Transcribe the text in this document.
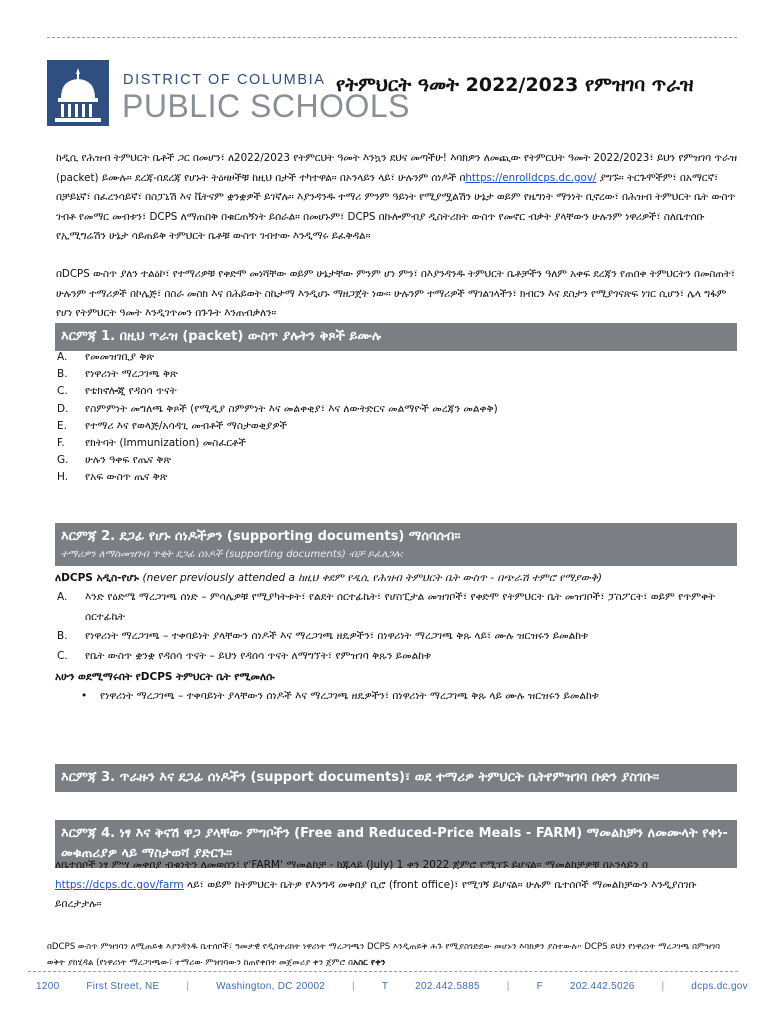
DISTRICT OF COLUMBIA
PUBLIC SCHOOLS
የትምህርት ዓመት 2022/2023 የምዝገባ ጥራዝ
ከዲሲ የሕዝብ ትምህርት ቤቶች ጋር በመሆን፣ ለ2022/2023 የትምርህት ዓመት እንኳን ደህና መጣችሁ! እባክዎን ለመጪው የትምርህት ዓመት 2022/2023፣ ይህን የምዝገባ ጥራዝ (packet) ይሙሉ። ደረጃ-በደረጃ የሆኑት ትዕዛዞችቹ ከዚህ በታች ተካተዋል። በኦንላይን ላይ፣ ሁሉንም ሰነዶች በhttps://enrolldcps.dc.gov/ ያግኙ። ትርጉሞችም፣ በአማርኛ፣ በቻይኒኛ፣ በፈረንሳይኛ፣ በስፓኒሽ እና ቬትናም ቋንቋዎች ይገኛሉ። እያንዳንዱ ተማሪ ምንም ዓይነት የሚያሟልሽን ሁኔታ ወይም የዜግነት ማንነት ቢኖረው፣ በሕዝብ ትምህርት ቤት ውስጥ ገብቶ የመማር መብቱን፣ DCPS ለማጠበቅ በቁርጠኝነት ይሰራል። በመሆኑም፣ DCPS በኩሎምብያ ዲስትሪክት ውስጥ የመኖር ብቃት ያላቸውን ሁሉንም ነዋሪዎች፣ ስለቤተሰቡ የኢሚግሬሽን ሁኔታ ሳይጠይቅ ትምህርት ቤቶቹ ውስጥ ገብተው እንዲማሩ ይፈቅዳል።
በDCPS ውስጥ ያለን ተልዕኮ፣ የተማሪዎቹ የቀድሞ መነሻቸው ወይም ሁኔታቸው ምንም ሆነ ምን፣ በእያንዳንዱ ትምህርት ቤቶቻችን ዓለም አቀፍ ደረጃን የጠበቀ ትምህርትን በመስጠት፣ ሁሉንም ተማሪዎች በኮሌጅ፣ በስራ መስክ እና በሕይወት ስኬታማ እንዲሆኑ ማዘጋጀት ነው። ሁሉንም ተማሪዎች ማገልገላችን፣ ክብርን እና ደስታን የሚያጎናጽፍ ነገር ሲሆን፣ ሌላ ግፋም የሆነ የትምህርት ዓመት እንዲገጥመን በጉጉት እንጠብቃለን።
እርምጃ 1. በዚህ ጥራዝ (packet) ውስጥ ያሉትን ቅጾች ይሙሉ
A. የመመዝገቢያ ቅጽ
B. የነዋሪነት ማረጋገጫ ቅጽ
C. የቴክኖሎጂ የዳሰሳ ጥናት
D. የስምምነት መግለጫ ቅጾች (የሚዲያ ስምምነት እና መልቀቂያ፣ እና ለውትድርና መልማዮች መረጃን መልቀቅ)
E. የተማሪ እና የወላጅ/አሳዳጊ መብቶች ማስታወቂያዎች
F. የክትባት (Immunization) መስፈርቶች
G. ሁሉን ዓቀፍ የጤና ቅጽ
H. የአፍ ውስጥ ጤና ቅጽ
እርምጃ 2. ደጋፊ የሆኑ ሰነዶችዎን (supporting documents) ማሰባሰብ።
ተማሪዎን ለማስመዝገብ ጥቂት ደጋፊ ሰነዶች (supporting documents) ብቻ ይፈለጋሉ:
ለDCPS አዲስ-የሆኑ (never previously attended a ከዚህ ቀደም የዲሲ የሕዝብ ትምህርት ቤት ውስጥ - በጭራሽ ተምሮ የማያውቅ)
A. እንድ የዕድሜ ማረጋገጫ ሰነድ – ምሳሌዎቹ የሚያካትቱት፣ የልደት ሰርተፊኬት፣ የሆስፒታል መዝገቦች፣ የቀድሞ የትምህርት ቤት መዝገቦች፣ ፓስፖርት፣ ወይም የጥምቀት ሰርተፊኬት
B. የነዋሪነት ማረጋገጫ – ተቀባይነት ያላቸውን ሰነዶች እና ማረጋገጫ ዘዴዎችን፣ በነዋሪነት ማረጋገጫ ቅጹ ላይ፣ ሙሉ ዝርዝሩን ይመልከቱ
C. የቤት ውስጥ ቋንቋ የዳሰሳ ጥናት – ይህን የዳሰሳ ጥናት ለማግኘት፣ የምዝገባ ቅጹን ይመልከቱ
አሁን ወደሚማሩበት የDCPS ትምህርት ቤት የሚመለሱ
• የነዋሪነት ማረጋገጫ – ተቀባይነት ያላቸውን ሰነዶች እና ማረጋገጫ ዘዴዎችን፣ በነዋሪነት ማረጋገጫ ቅጹ ላይ ሙሉ ዝርዝሩን ይመልከቱ
እርምጃ 3. ጥራዙን እና ደጋፊ ሰነዶችን (support documents)፣ ወደ ተማሪዎ ትምህርት ቤትየምዝገባ ቡድን ያስገቡ።
እርምጃ 4. ነፃ እና ቅናሽ ዋጋ ያላቸው ምግቦችን (Free and Reduced-Price Meals - FARM) ማመልከቻን ለመሙላት የቀነ-መቁጠሪያዎ ላይ ማስታወሻ ያድርጉ።
ለቤተሰቦች ነፃ ምሣ መቀበያ ብቁነትን ለመወሰን፣ የ'FARM' ማመልከቻ - ከጁላይ (July) 1 ቀን 2022 ጀምሮ የሚገኙ ይሆናል። ማመልከቻዎቹ በኦንላይን በ https://dcps.dc.gov/farm ላይ፣ ወይም ከትምህርት ቤትዎ የእንግዳ መቀበያ ቢሮ (front office)፣ የሚገኝ ይሆናል። ሁሉም ቤተሰቦች ማመልከቻውን እንዲያስገቡ ይበረታታሉ።
በDCPS ውስጥ ምዝገባን ለሚጠይቁ እያንዳንዱ ቤተሰቦች፣ ዓመታዊ የዲስትሪክት ነዋሪነት ማረጋገጫን DCPS እንዲጠይቅ ሕጉ የሚያስገድደው መሆኑን እባክዎን ያስተውሉ። DCPS ይህን የነዋሪነት ማረጋገጫ በምዝገባ ወቅት ያከሂዳል (የነዋሪነት ማረጋገጫው፣ ተማሪው ምዝገባውን ከጠየቀበት መጀመሪያ ቀን ጀምሮ በአስር የቀን
1200	First Street, NE	|	Washington, DC 20002	|	T	202.442.5885	|	F	202.442.5026	|	dcps.dc.gov
